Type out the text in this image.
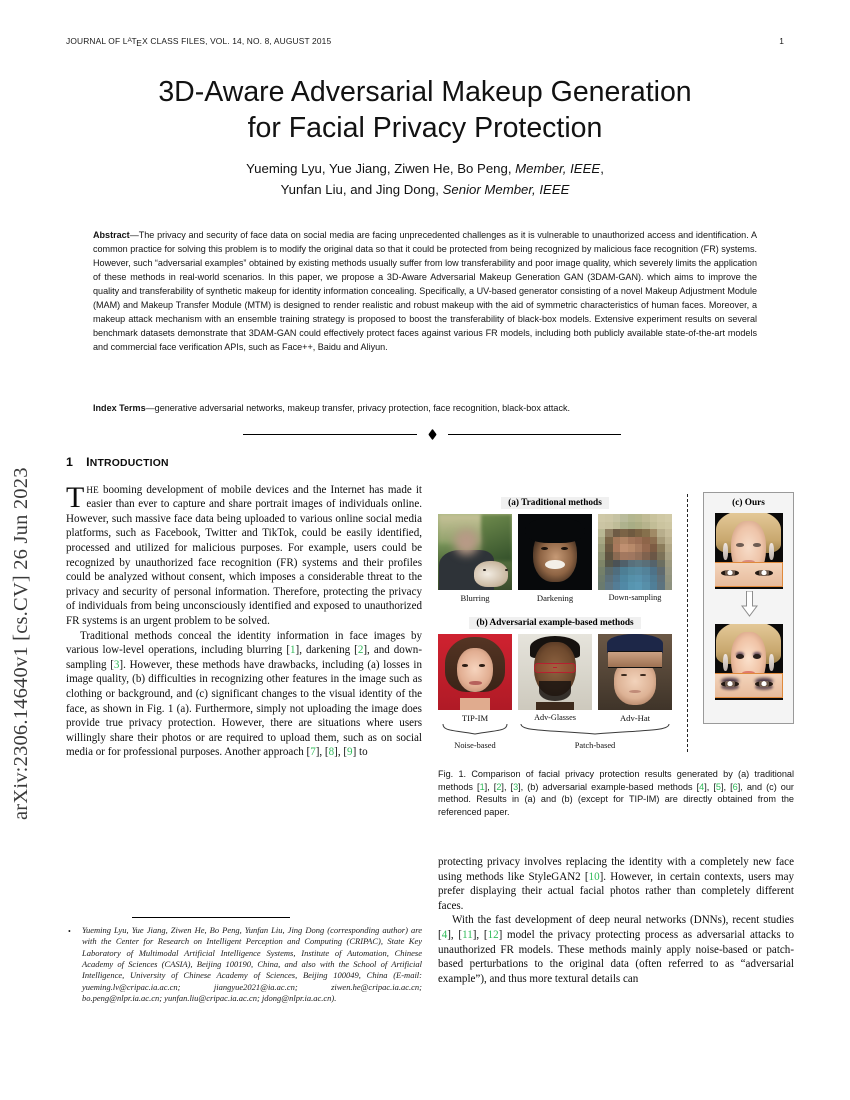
JOURNAL OF $L^ATEX$ CLASS FILES, VOL. 14, NO. 8, AUGUST 2015	1
arXiv:2306.14640v1 [cs.CV] 26 Jun 2023
3D-Aware Adversarial Makeup Generation
for Facial Privacy Protection
Yueming Lyu, Yue Jiang, Ziwen He, Bo Peng, Member, IEEE,
Yunfan Liu, and Jing Dong, Senior Member, IEEE
Abstract—The privacy and security of face data on social media are facing unprecedented challenges as it is vulnerable to unauthorized access and identification. A common practice for solving this problem is to modify the original data so that it could be protected from being recognized by malicious face recognition (FR) systems. However, such “adversarial examples” obtained by existing methods usually suffer from low transferability and poor image quality, which severely limits the application of these methods in real-world scenarios. In this paper, we propose a 3D-Aware Adversarial Makeup Generation GAN (3DAM-GAN). which aims to improve the quality and transferability of synthetic makeup for identity information concealing. Specifically, a UV-based generator consisting of a novel Makeup Adjustment Module (MAM) and Makeup Transfer Module (MTM) is designed to render realistic and robust makeup with the aid of symmetric characteristics of human faces. Moreover, a makeup attack mechanism with an ensemble training strategy is proposed to boost the transferability of black-box models. Extensive experiment results on several benchmark datasets demonstrate that 3DAM-GAN could effectively protect faces against various FR models, including both publicly available state-of-the-art models and commercial face verification APIs, such as Face++, Baidu and Aliyun.
Index Terms—generative adversarial networks, makeup transfer, privacy protection, face recognition, black-box attack.
1 INTRODUCTION

THE booming development of mobile devices and the Internet has made it easier than ever to capture and share portrait images of individuals online. However, such massive face data being uploaded to various online social media platforms, such as Facebook, Twitter and TikTok, could be easily identified, processed and utilized for malicious purposes. For example, users could be recognized by unauthorized face recognition (FR) systems and their profiles could be analyzed without consent, which imposes a considerable threat to the privacy and security of personal information. Therefore, protecting the privacy of individuals from being unconsciously identified and exposed to unauthorized FR systems is an urgent problem to be solved.

Traditional methods conceal the identity information in face images by various low-level operations, including blurring [1], darkening [2], and down-sampling [3]. However, these methods have drawbacks, including (a) losses in image quality, (b) difficulties in recognizing other features in the image such as clothing or background, and (c) significant changes to the visual identity of the face, as shown in Fig. 1 (a). Furthermore, simply not uploading the image does provide true privacy protection. However, there are situations where users willingly share their photos or are required to upload them, such as on social media or for professional purposes. Another approach [7], [8], [9] to

• Yueming Lyu, Yue Jiang, Ziwen He, Bo Peng, Yunfan Liu, Jing Dong (corresponding author) are with the Center for Research on Intelligent Perception and Computing (CRIPAC), State Key Laboratory of Multimodal Artificial Intelligence Systems, Institute of Automation, Chinese Academy of Sciences (CASIA), Beijing 100190, China, and also with the School of Artificial Intelligence, University of Chinese Academy of Sciences, Beijing 100049, China (E-mail: yueming.lv@cripac.ia.ac.cn; jiangyue2021@ia.ac.cn; ziwen.he@cripac.ia.ac.cn; bo.peng@nlpr.ia.ac.cn; yunfan.liu@cripac.ia.ac.cn; jdong@nlpr.ia.ac.cn).
(a) Traditional methods
Blurring	Darkening	Down-sampling
(b) Adversarial example-based methods
TIP-IM	Adv-Glasses	Adv-Hat
Noise-based	Patch-based
(c) Ours
Fig. 1. Comparison of facial privacy protection results generated by (a) traditional methods [1], [2], [3], (b) adversarial example-based methods [4], [5], [6], and (c) our method. Results in (a) and (b) (except for TIP-IM) are directly obtained from the referenced paper.

protecting privacy involves replacing the identity with a completely new face using methods like StyleGAN2 [10]. However, in certain contexts, users may prefer displaying their actual facial photos rather than completely different faces.

With the fast development of deep neural networks (DNNs), recent studies [4], [11], [12] model the privacy protecting process as adversarial attacks to unauthorized FR models. These methods mainly apply noise-based or patch-based perturbations to the original data (often referred to as “adversarial example”), and thus more textural details can
